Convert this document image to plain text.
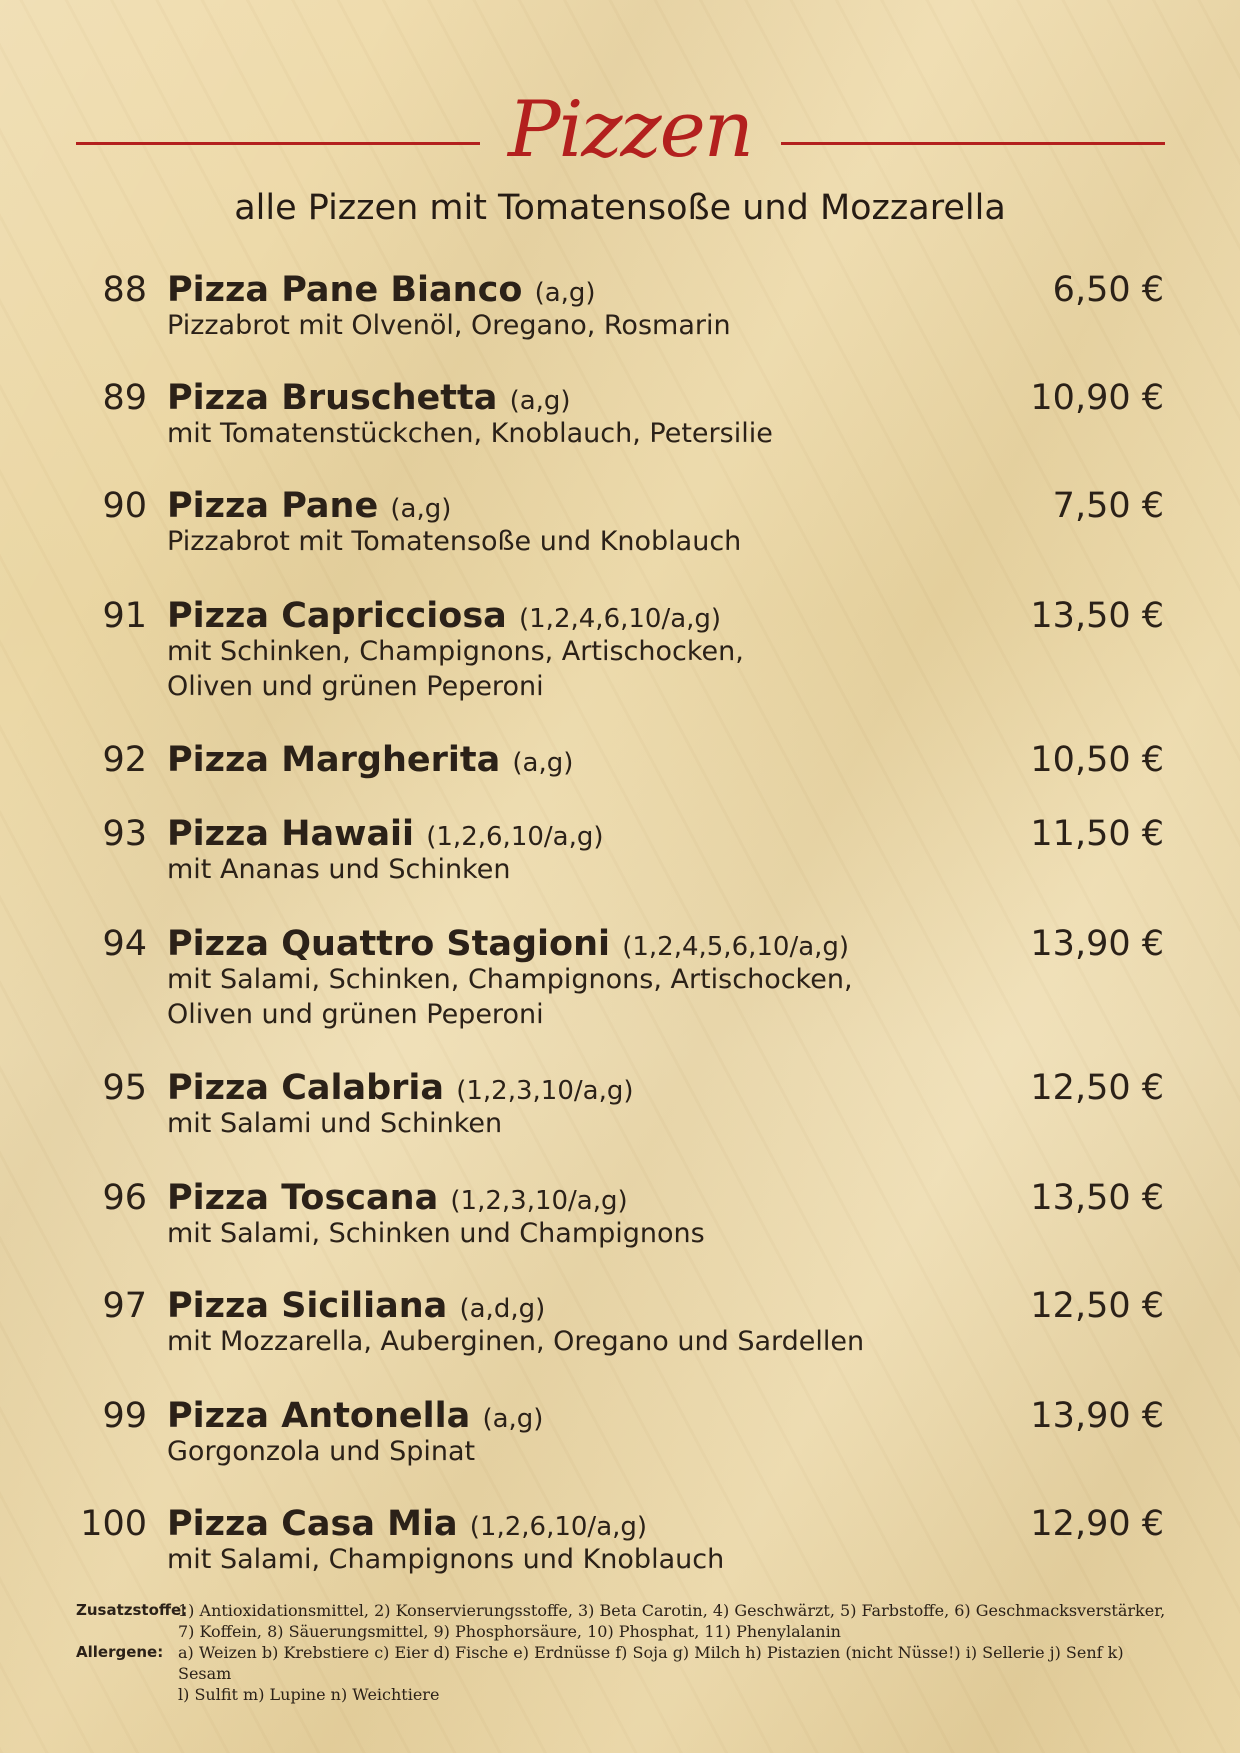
Pizzen
alle Pizzen mit Tomatensoße und Mozzarella
88 Pizza Pane Bianco (a,g)	6,50 €
Pizzabrot mit Olvenöl, Oregano, Rosmarin
89 Pizza Bruschetta (a,g)	10,90 €
mit Tomatenstückchen, Knoblauch, Petersilie
90 Pizza Pane (a,g)	7,50 €
Pizzabrot mit Tomatensoße und Knoblauch
91 Pizza Capricciosa (1,2,4,6,10/a,g)	13,50 €
mit Schinken, Champignons, Artischocken,
Oliven und grünen Peperoni
92 Pizza Margherita (a,g)	10,50 €
93 Pizza Hawaii (1,2,6,10/a,g)	11,50 €
mit Ananas und Schinken
94 Pizza Quattro Stagioni (1,2,4,5,6,10/a,g)	13,90 €
mit Salami, Schinken, Champignons, Artischocken,
Oliven und grünen Peperoni
95 Pizza Calabria (1,2,3,10/a,g)	12,50 €
mit Salami und Schinken
96 Pizza Toscana (1,2,3,10/a,g)	13,50 €
mit Salami, Schinken und Champignons
97 Pizza Siciliana (a,d,g)	12,50 €
mit Mozzarella, Auberginen, Oregano und Sardellen
99 Pizza Antonella (a,g)	13,90 €
Gorgonzola und Spinat
100 Pizza Casa Mia (1,2,6,10/a,g)	12,90 €
mit Salami, Champignons und Knoblauch
Zusatzstoffe:
1) Antioxidationsmittel, 2) Konservierungsstoffe, 3) Beta Carotin, 4) Geschwärzt, 5) Farbstoffe, 6) Geschmacksverstärker,
7) Koffein, 8) Säuerungsmittel, 9) Phosphorsäure, 10) Phosphat, 11) Phenylalanin
Allergene: a) Weizen b) Krebstiere c) Eier d) Fische e) Erdnüsse f) Soja g) Milch h) Pistazien (nicht Nüsse!) i) Sellerie j) Senf k) Sesam
l) Sulfit m) Lupine n) Weichtiere
